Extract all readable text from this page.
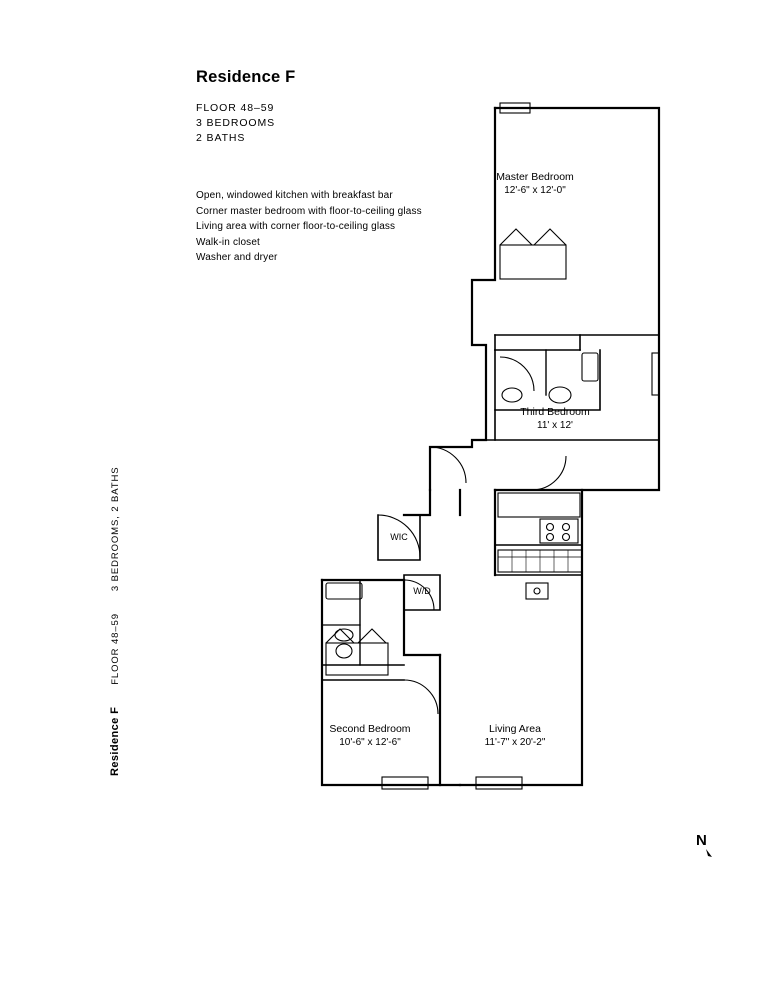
Residence F
FLOOR 48–59
3 BEDROOMS
2 BATHS
Open, windowed kitchen with breakfast bar
Corner master bedroom with floor-to-ceiling glass
Living area with corner floor-to-ceiling glass
Walk-in closet
Washer and dryer
Residence F
FLOOR 48–59
3 BEDROOMS, 2 BATHS
Master Bedroom
12'-6" x 12'-0"
Third Bedroom
11' x 12'
Second Bedroom
10'-6" x 12'-6"
Living Area
11'-7" x 20'-2"
WIC
W/D
N
